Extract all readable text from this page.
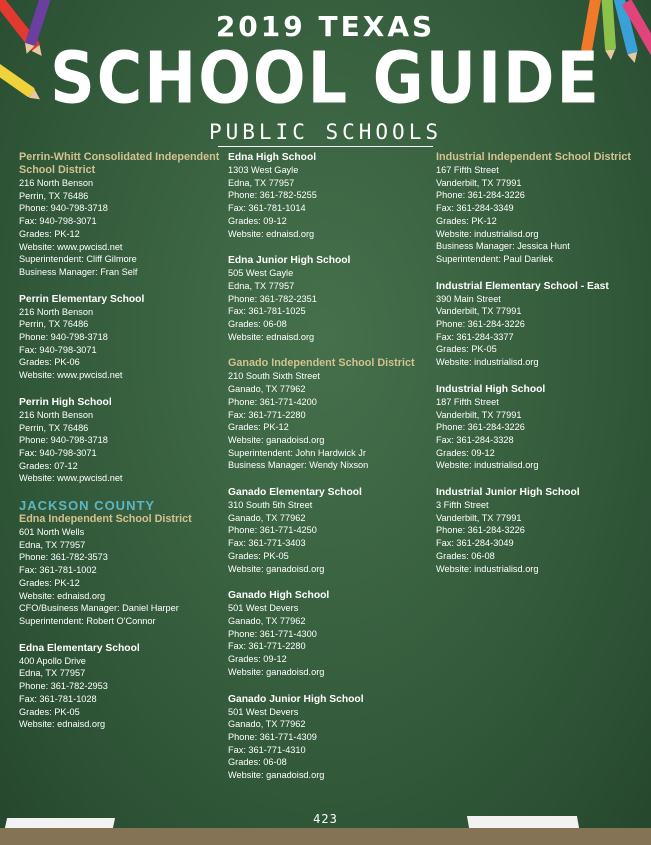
2019 TEXAS
SCHOOL GUIDE
PUBLIC SCHOOLS
Perrin-Whitt Consolidated Independent School District
216 North Benson
Perrin, TX 76486
Phone: 940-798-3718
Fax: 940-798-3071
Grades: PK-12
Website: www.pwcisd.net
Superintendent: Cliff Gilmore
Business Manager: Fran Self
Perrin Elementary School
216 North Benson
Perrin, TX 76486
Phone: 940-798-3718
Fax: 940-798-3071
Grades: PK-06
Website: www.pwcisd.net
Perrin High School
216 North Benson
Perrin, TX 76486
Phone: 940-798-3718
Fax: 940-798-3071
Grades: 07-12
Website: www.pwcisd.net
JACKSON COUNTY
Edna Independent School District
601 North Wells
Edna, TX 77957
Phone: 361-782-3573
Fax: 361-781-1002
Grades: PK-12
Website: ednaisd.org
CFO/Business Manager: Daniel Harper
Superintendent: Robert O'Connor
Edna Elementary School
400 Apollo Drive
Edna, TX 77957
Phone: 361-782-2953
Fax: 361-781-1028
Grades: PK-05
Website: ednaisd.org
Edna High School
1303 West Gayle
Edna, TX 77957
Phone: 361-782-5255
Fax: 361-781-1014
Grades: 09-12
Website: ednaisd.org
Edna Junior High School
505 West Gayle
Edna, TX 77957
Phone: 361-782-2351
Fax: 361-781-1025
Grades: 06-08
Website: ednaisd.org
Ganado Independent School District
210 South Sixth Street
Ganado, TX 77962
Phone: 361-771-4200
Fax: 361-771-2280
Grades: PK-12
Website: ganadoisd.org
Superintendent: John Hardwick Jr
Business Manager: Wendy Nixson
Ganado Elementary School
310 South 5th Street
Ganado, TX 77962
Phone: 361-771-4250
Fax: 361-771-3403
Grades: PK-05
Website: ganadoisd.org
Ganado High School
501 West Devers
Ganado, TX 77962
Phone: 361-771-4300
Fax: 361-771-2280
Grades: 09-12
Website: ganadoisd.org
Ganado Junior High School
501 West Devers
Ganado, TX 77962
Phone: 361-771-4309
Fax: 361-771-4310
Grades: 06-08
Website: ganadoisd.org
Industrial Independent School District
167 Fifth Street
Vanderbilt, TX 77991
Phone: 361-284-3226
Fax: 361-284-3349
Grades: PK-12
Website: industrialisd.org
Business Manager: Jessica Hunt
Superintendent: Paul Darilek
Industrial Elementary School - East
390 Main Street
Vanderbilt, TX 77991
Phone: 361-284-3226
Fax: 361-284-3377
Grades: PK-05
Website: industrialisd.org
Industrial High School
187 Fifth Street
Vanderbilt, TX 77991
Phone: 361-284-3226
Fax: 361-284-3328
Grades: 09-12
Website: industrialisd.org
Industrial Junior High School
3 Fifth Street
Vanderbilt, TX 77991
Phone: 361-284-3226
Fax: 361-284-3049
Grades: 06-08
Website: industrialisd.org
423
